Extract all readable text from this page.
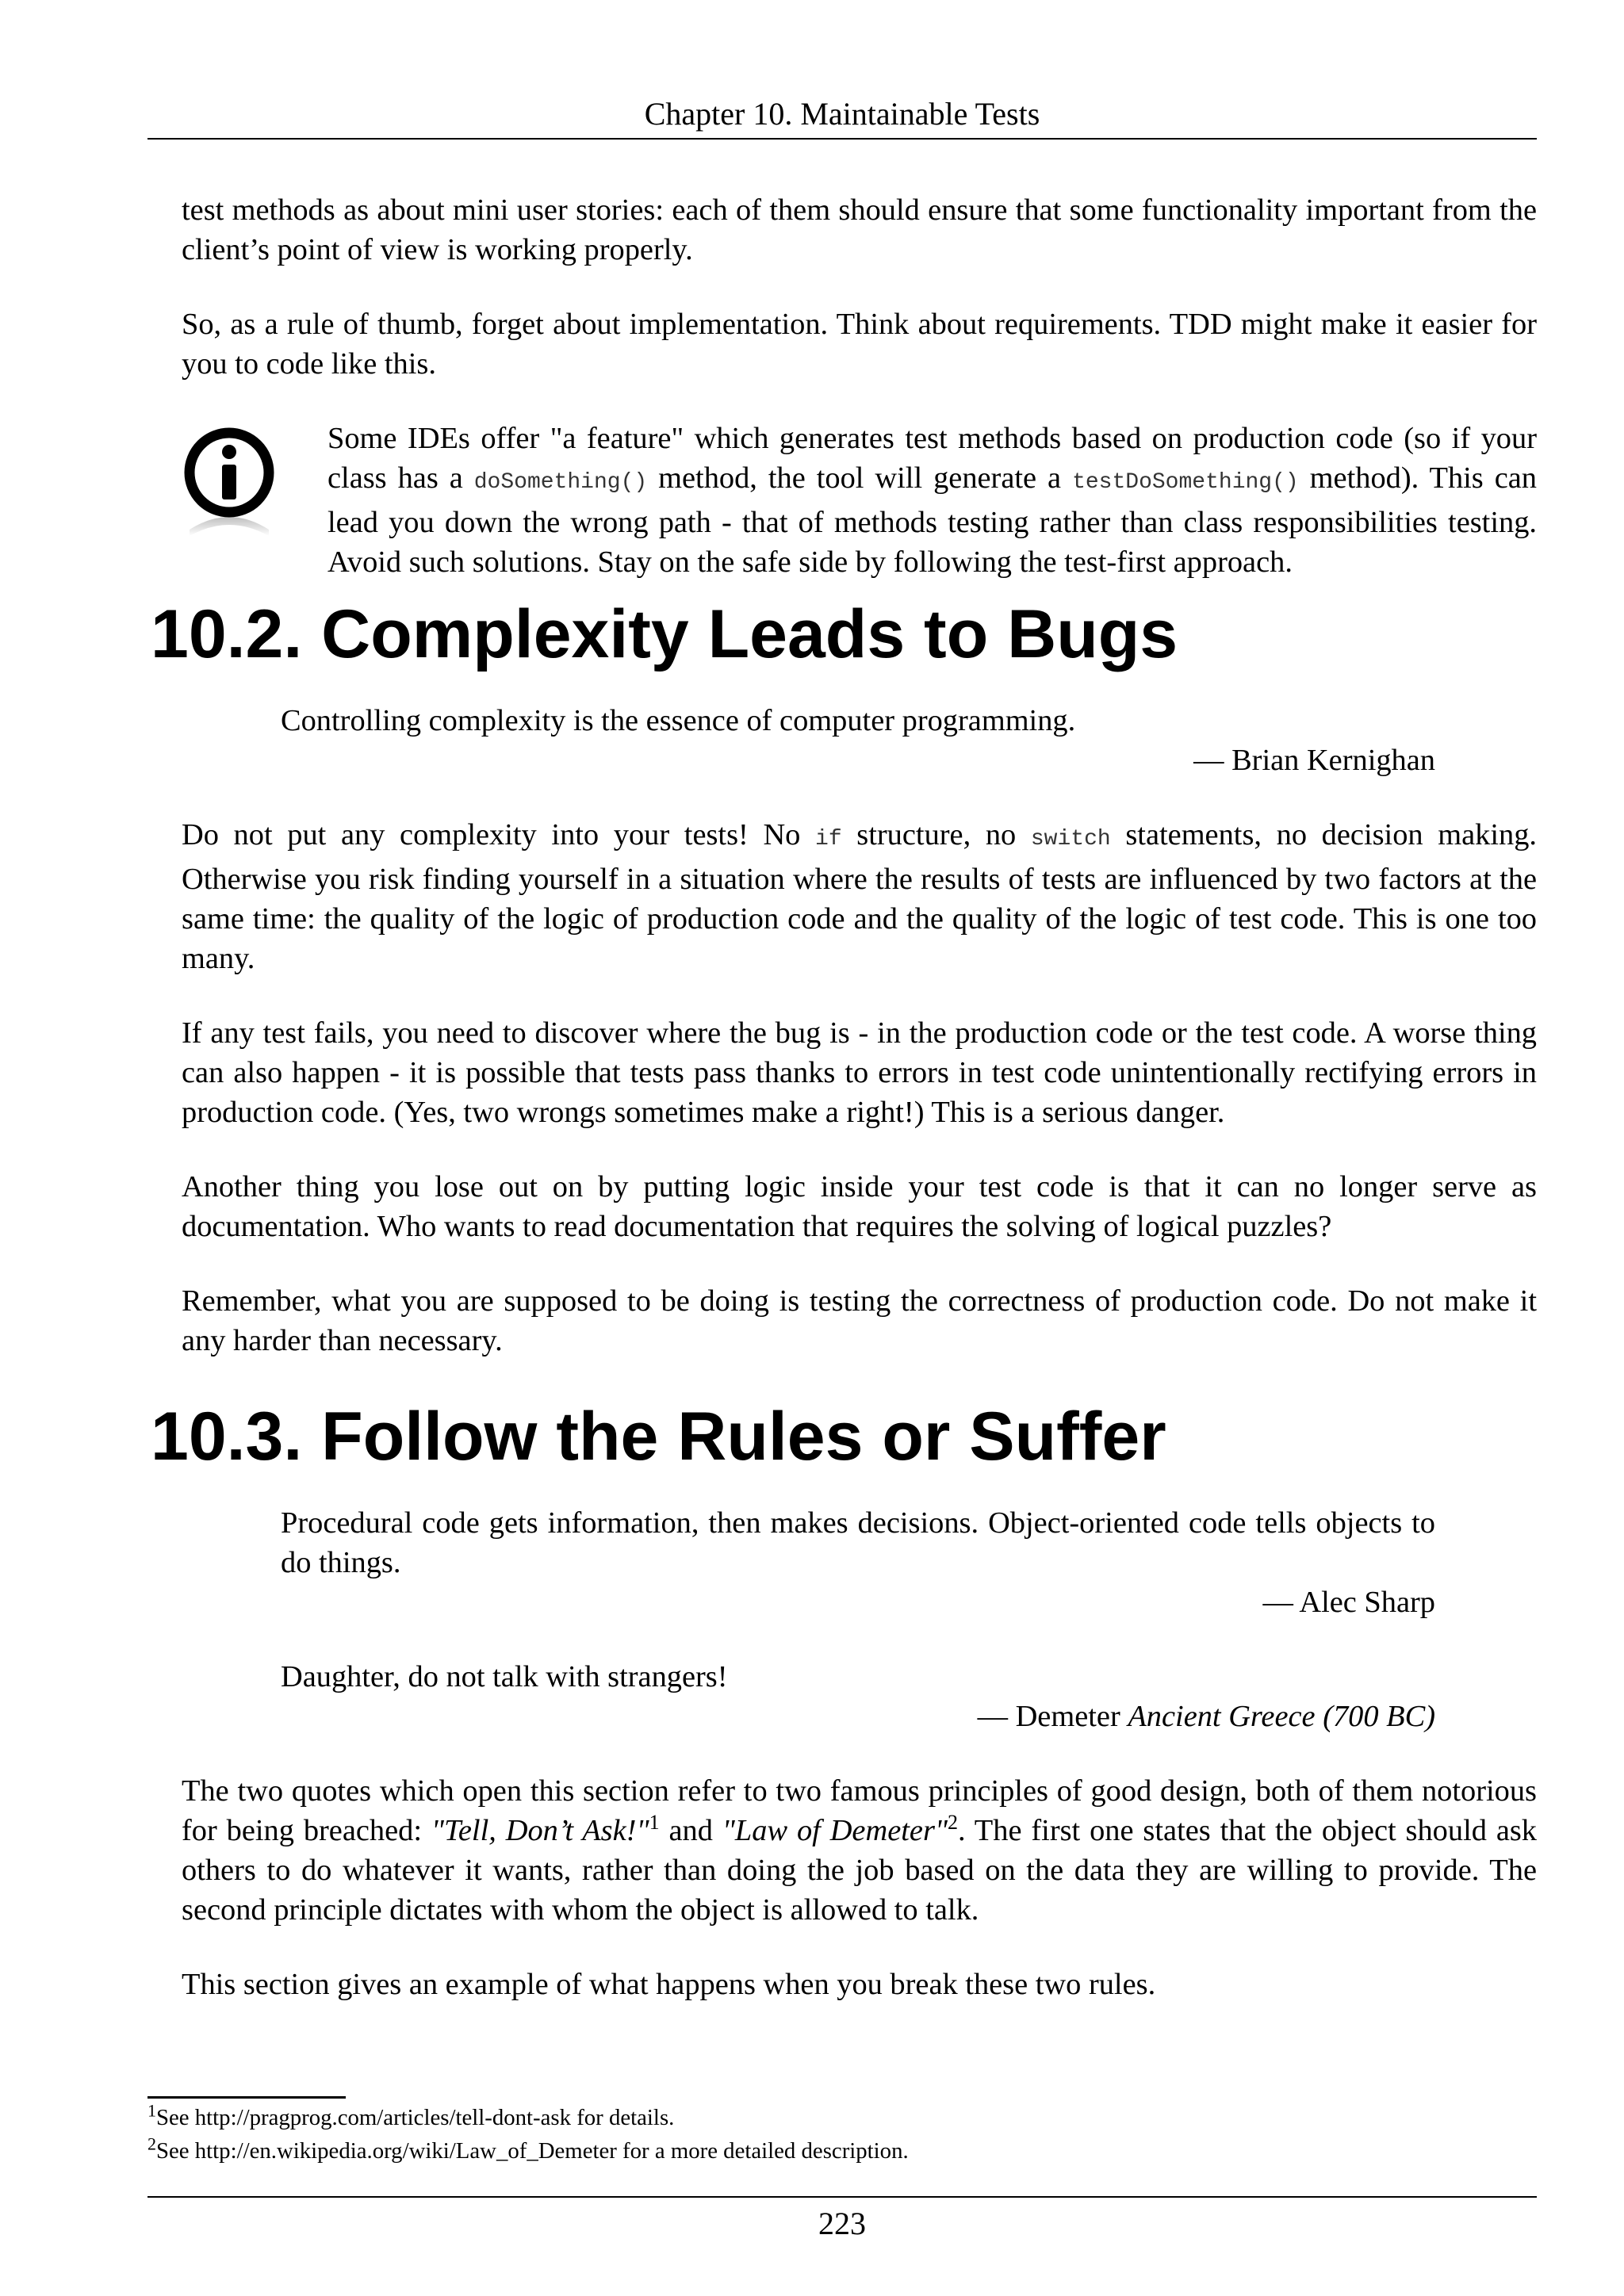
Chapter 10. Maintainable Tests

test methods as about mini user stories: each of them should ensure that some functionality important from the client’s point of view is working properly.

So, as a rule of thumb, forget about implementation. Think about requirements. TDD might make it easier for you to code like this.

Some IDEs offer "a feature" which generates test methods based on production code (so if your class has a doSomething() method, the tool will generate a testDoSomething() method). This can lead you down the wrong path - that of methods testing rather than class responsibilities testing. Avoid such solutions. Stay on the safe side by following the test-first approach.

10.2. Complexity Leads to Bugs
Controlling complexity is the essence of computer programming.
— Brian Kernighan

Do not put any complexity into your tests! No if structure, no switch statements, no decision making. Otherwise you risk finding yourself in a situation where the results of tests are influenced by two factors at the same time: the quality of the logic of production code and the quality of the logic of test code. This is one too many.

If any test fails, you need to discover where the bug is - in the production code or the test code. A worse thing can also happen - it is possible that tests pass thanks to errors in test code unintentionally rectifying errors in production code. (Yes, two wrongs sometimes make a right!) This is a serious danger.

Another thing you lose out on by putting logic inside your test code is that it can no longer serve as documentation. Who wants to read documentation that requires the solving of logical puzzles?

Remember, what you are supposed to be doing is testing the correctness of production code. Do not make it any harder than necessary.

10.3. Follow the Rules or Suffer
Procedural code gets information, then makes decisions. Object-oriented code tells objects to do things.
— Alec Sharp
Daughter, do not talk with strangers!
— Demeter Ancient Greece (700 BC)

The two quotes which open this section refer to two famous principles of good design, both of them notorious for being breached: "Tell, Don’t Ask!"$^1$ and "Law of Demeter"$^2$. The first one states that the object should ask others to do whatever it wants, rather than doing the job based on the data they are willing to provide. The second principle dictates with whom the object is allowed to talk.

This section gives an example of what happens when you break these two rules.

$^1$See http://pragprog.com/articles/tell-dont-ask for details.
$^2$See http://en.wikipedia.org/wiki/Law_of_Demeter for a more detailed description.
223
